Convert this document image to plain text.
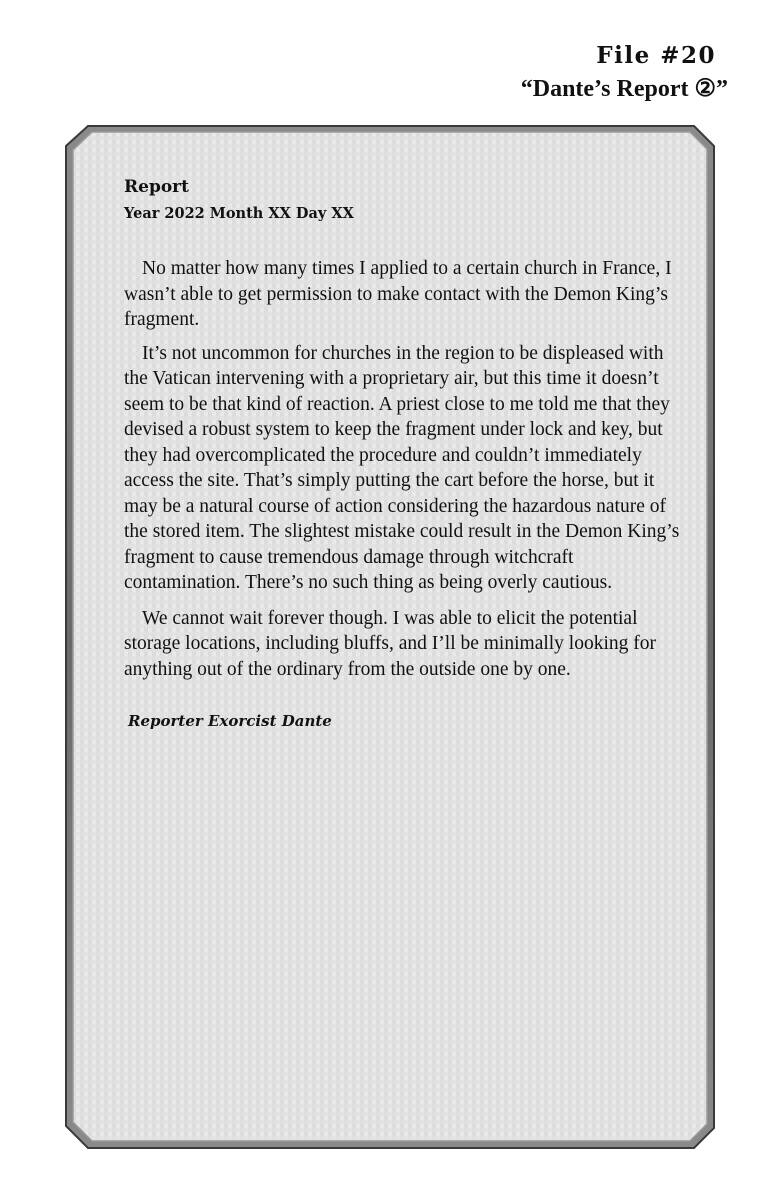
File #20
“Dante’s Report ②”

Report

Year 2022 Month XX Day XX

No matter how many times I applied to a certain church in France, I wasn’t able to get permission to make contact with the Demon King’s fragment.

It’s not uncommon for churches in the region to be displeased with the Vatican intervening with a proprietary air, but this time it doesn’t seem to be that kind of reaction. A priest close to me told me that they devised a robust system to keep the fragment under lock and key, but they had overcomplicated the procedure and couldn’t immediately access the site. That’s simply putting the cart before the horse, but it may be a natural course of action considering the hazardous nature of the stored item. The slightest mistake could result in the Demon King’s fragment to cause tremendous damage through witchcraft contamination. There’s no such thing as being overly cautious.

We cannot wait forever though. I was able to elicit the potential storage locations, including bluffs, and I’ll be minimally looking for anything out of the ordinary from the outside one by one.

Reporter Exorcist Dante
